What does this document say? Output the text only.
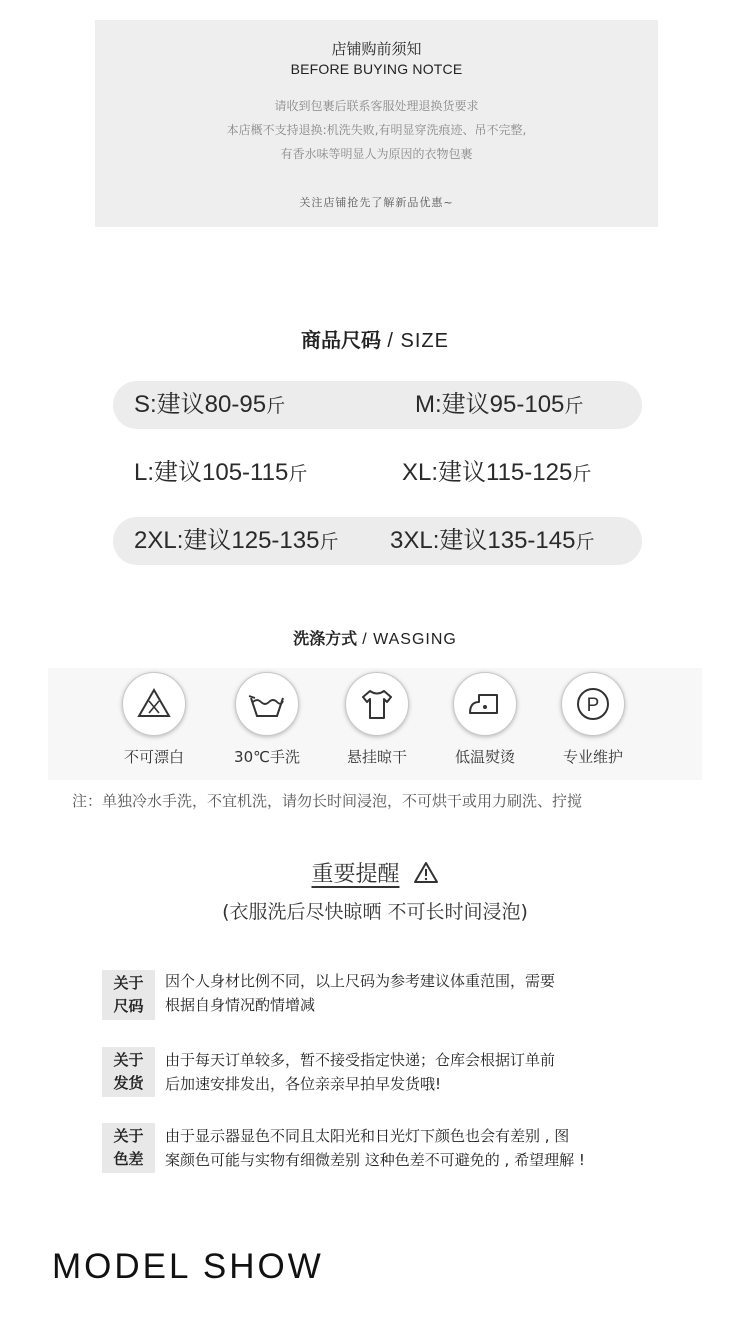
店铺购前须知
BEFORE BUYING NOTCE
请收到包裹后联系客服处理退换货要求
本店概不支持退换:机洗失败,有明显穿洗痕迹、吊不完整,
有香水味等明显人为原因的衣物包裹
关注店铺抢先了解新品优惠~
商品尺码 / SIZE
S:建议80-95斤	M:建议95-105斤
L:建议105-115斤	XL:建议115-125斤
2XL:建议125-135斤 3XL:建议135-145斤
洗涤方式 / WASGING
不可漂白	30℃手洗	悬挂晾干	低温熨烫
P
专业维护
注：单独冷水手洗，不宜机洗，请勿长时间浸泡，不可烘干或用力刷洗、拧搅
重要提醒
(衣服洗后尽快晾晒 不可长时间浸泡)
关于
尺码
因个人身材比例不同，以上尺码为参考建议体重范围，需要
根据自身情况酌情增减
关于
发货
由于每天订单较多，暂不接受指定快递；仓库会根据订单前
后加速安排发出，各位亲亲早拍早发货哦!
关于
色差
由于显示器显色不同且太阳光和日光灯下颜色也会有差别 , 图
案颜色可能与实物有细微差别 这种色差不可避免的 , 希望理解 !
MODEL SHOW
